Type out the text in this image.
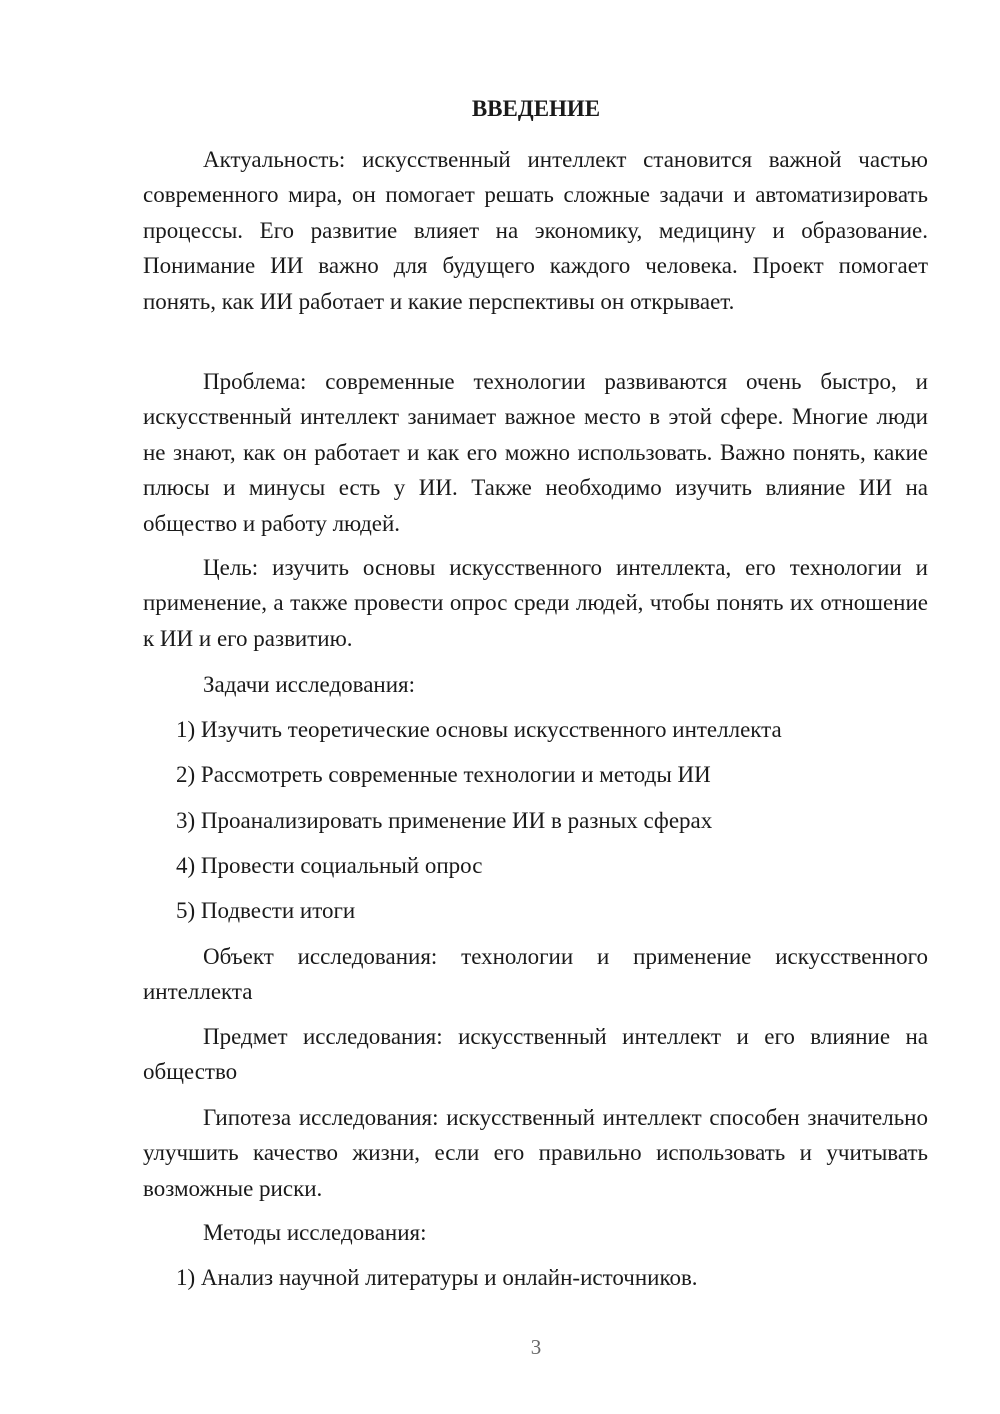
ВВЕДЕНИЕ

Актуальность: искусственный интеллект становится важной частью современного мира, он помогает решать сложные задачи и автоматизировать процессы. Его развитие влияет на экономику, медицину и образование. Понимание ИИ важно для будущего каждого человека. Проект помогает понять, как ИИ работает и какие перспективы он открывает.

Проблема: современные технологии развиваются очень быстро, и искусственный интеллект занимает важное место в этой сфере. Многие люди не знают, как он работает и как его можно использовать. Важно понять, какие плюсы и минусы есть у ИИ. Также необходимо изучить влияние ИИ на общество и работу людей.

Цель: изучить основы искусственного интеллекта, его технологии и применение, а также провести опрос среди людей, чтобы понять их отношение к ИИ и его развитию.

Задачи исследования:

1) Изучить теоретические основы искусственного интеллекта

2) Рассмотреть современные технологии и методы ИИ

3) Проанализировать применение ИИ в разных сферах

4) Провести социальный опрос

5) Подвести итоги

Объект исследования: технологии и применение искусственного интеллекта

Предмет исследования: искусственный интеллект и его влияние на общество

Гипотеза исследования: искусственный интеллект способен значительно улучшить качество жизни, если его правильно использовать и учитывать возможные риски.

Методы исследования:

1) Анализ научной литературы и онлайн-источников.

3
